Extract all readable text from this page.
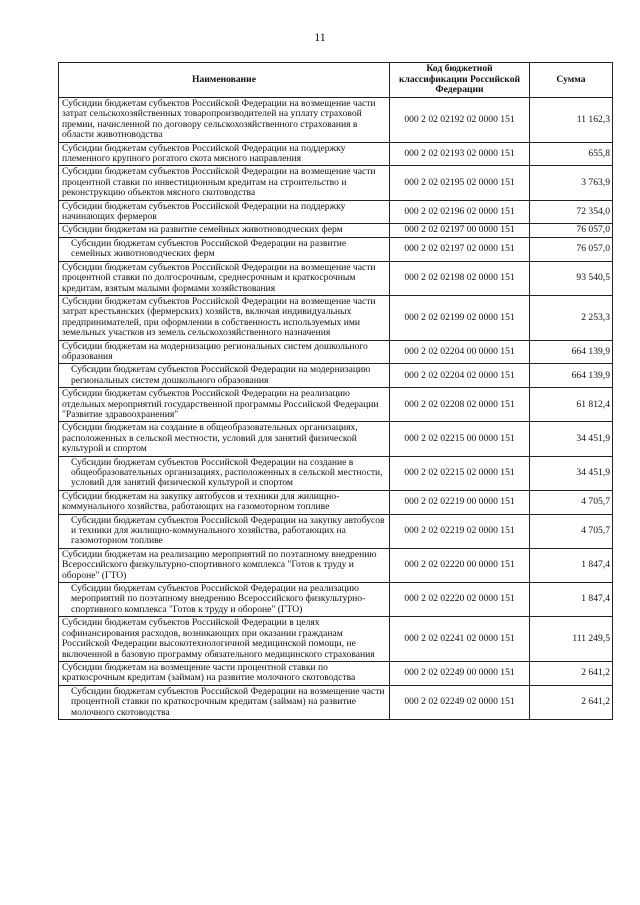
11
Наименование	Код бюджетной классификации Российской Федерации	Сумма
Субсидии бюджетам субъектов Российской Федерации на возмещение части затрат сельскохозяйственных товаропроизводителей на уплату страховой премии, начисленной по договору сельскохозяйственного страхования в области животноводства	000 2 02 02192 02 0000 151	11 162,3
Субсидии бюджетам субъектов Российской Федерации на поддержку племенного крупного рогатого скота мясного направления	000 2 02 02193 02 0000 151	655,8
Субсидии бюджетам субъектов Российской Федерации на возмещение части процентной ставки по инвестиционным кредитам на строительство и реконструкцию объектов мясного скотоводства	000 2 02 02195 02 0000 151	3 763,9
Субсидии бюджетам субъектов Российской Федерации на поддержку начинающих фермеров	000 2 02 02196 02 0000 151	72 354,0
Субсидии бюджетам на развитие семейных животноводческих ферм	000 2 02 02197 00 0000 151	76 057,0
Субсидии бюджетам субъектов Российской Федерации на развитие семейных животноводческих ферм	000 2 02 02197 02 0000 151	76 057,0
Субсидии бюджетам субъектов Российской Федерации на возмещение части процентной ставки по долгосрочным, среднесрочным и краткосрочным кредитам, взятым малыми формами хозяйствования	000 2 02 02198 02 0000 151	93 540,5
Субсидии бюджетам субъектов Российской Федерации на возмещение части затрат крестьянских (фермерских) хозяйств, включая индивидуальных предпринимателей, при оформлении в собственность используемых ими земельных участков из земель сельскохозяйственного назначения	000 2 02 02199 02 0000 151	2 253,3
Субсидии бюджетам на модернизацию региональных систем дошкольного образования	000 2 02 02204 00 0000 151	664 139,9
Субсидии бюджетам субъектов Российской Федерации на модернизацию региональных систем дошкольного образования	000 2 02 02204 02 0000 151	664 139,9
Субсидии бюджетам субъектов Российской Федерации на реализацию отдельных мероприятий государственной программы Российской Федерации "Развитие здравоохранения"	000 2 02 02208 02 0000 151	61 812,4
Субсидии бюджетам на создание в общеобразовательных организациях, расположенных в сельской местности, условий для занятий физической культурой и спортом	000 2 02 02215 00 0000 151	34 451,9
Субсидии бюджетам субъектов Российской Федерации на создание в общеобразовательных организациях, расположенных в сельской местности, условий для занятий физической культурой и спортом	000 2 02 02215 02 0000 151	34 451,9
Субсидии бюджетам на закупку автобусов и техники для жилищно-коммунального хозяйства, работающих на газомоторном топливе	000 2 02 02219 00 0000 151	4 705,7
Субсидии бюджетам субъектов Российской Федерации на закупку автобусов и техники для жилищно-коммунального хозяйства, работающих на газомоторном топливе	000 2 02 02219 02 0000 151	4 705,7
Субсидии бюджетам на реализацию мероприятий по поэтапному внедрению Всероссийского физкультурно-спортивного комплекса "Готов к труду и обороне" (ГТО)	000 2 02 02220 00 0000 151	1 847,4
Субсидии бюджетам субъектов Российской Федерации на реализацию мероприятий по поэтапному внедрению Всероссийского физкультурно-спортивного комплекса "Готов к труду и обороне" (ГТО)	000 2 02 02220 02 0000 151	1 847,4
Субсидии бюджетам субъектов Российской Федерации в целях софинансирования расходов, возникающих при оказании гражданам Российской Федерации высокотехнологичной медицинской помощи, не включенной в базовую программу обязательного медицинского страхования	000 2 02 02241 02 0000 151	111 249,5
Субсидии бюджетам на возмещение части процентной ставки по краткосрочным кредитам (займам) на развитие молочного скотоводства	000 2 02 02249 00 0000 151	2 641,2
Субсидии бюджетам субъектов Российской Федерации на возмещение части процентной ставки по краткосрочным кредитам (займам) на развитие молочного скотоводства	000 2 02 02249 02 0000 151	2 641,2
